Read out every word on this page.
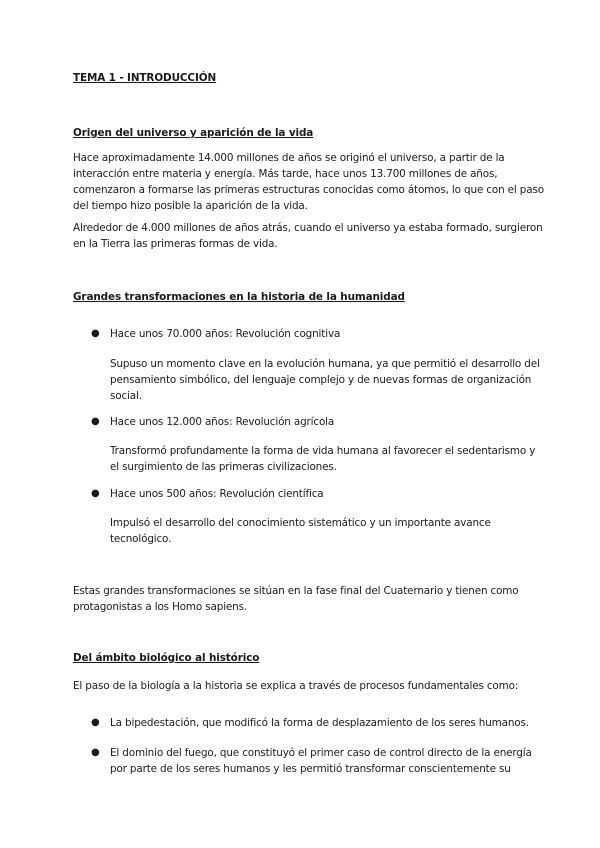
TEMA 1 - INTRODUCCIÓN

Origen del universo y aparición de la vida

Hace aproximadamente 14.000 millones de años se originó el universo, a partir de la
interacción entre materia y energía. Más tarde, hace unos 13.700 millones de años,
comenzaron a formarse las primeras estructuras conocidas como átomos, lo que con el paso
del tiempo hizo posible la aparición de la vida.

Alrededor de 4.000 millones de años atrás, cuando el universo ya estaba formado, surgieron
en la Tierra las primeras formas de vida.

Grandes transformaciones en la historia de la humanidad

● Hace unos 70.000 años: Revolución cognitiva

Supuso un momento clave en la evolución humana, ya que permitió el desarrollo del
pensamiento simbólico, del lenguaje complejo y de nuevas formas de organización
social.

● Hace unos 12.000 años: Revolución agrícola

Transformó profundamente la forma de vida humana al favorecer el sedentarismo y
el surgimiento de las primeras civilizaciones.

● Hace unos 500 años: Revolución científica

Impulsó el desarrollo del conocimiento sistemático y un importante avance
tecnológico.

Estas grandes transformaciones se sitúan en la fase final del Cuaternario y tienen como
protagonistas a los Homo sapiens.

Del ámbito biológico al histórico

El paso de la biología a la historia se explica a través de procesos fundamentales como:

● La bipedestación, que modificó la forma de desplazamiento de los seres humanos.

● El dominio del fuego, que constituyó el primer caso de control directo de la energía
por parte de los seres humanos y les permitió transformar conscientemente su
